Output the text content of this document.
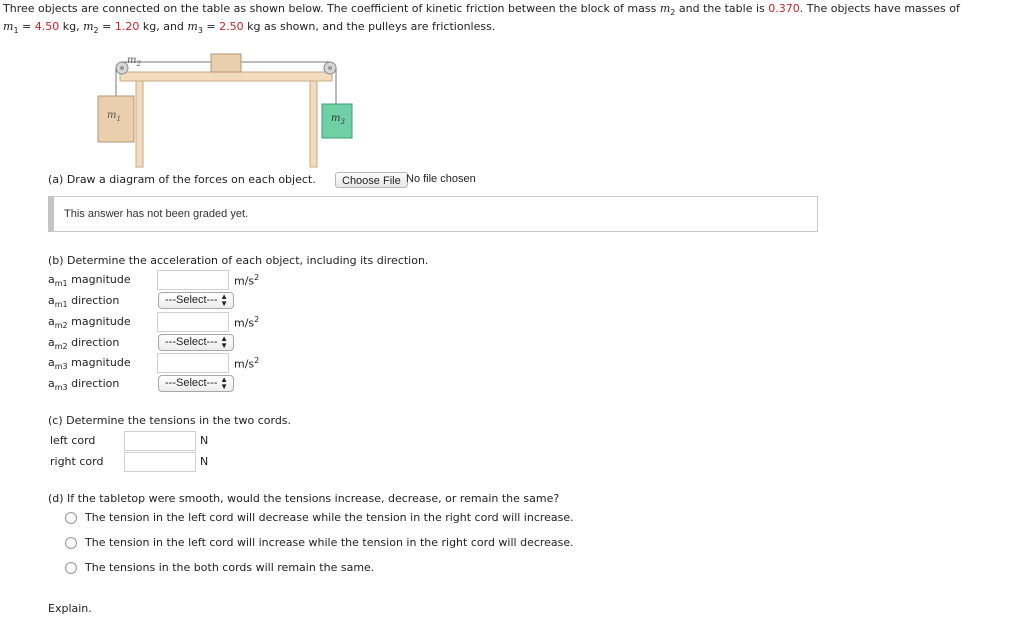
Three objects are connected on the table as shown below. The coefficient of kinetic friction between the block of mass $m_2$ and the table is 0.370. The objects have masses of
$m_1 = 4.50$ kg, $m_2 = 1.20$ kg, and $m_3 = 2.50$ kg as shown, and the pulleys are frictionless.
$m_2$
$m_1$	$m_3$
(a) Draw a diagram of the forces on each object.	Choose File No file chosen
This answer has not been graded yet.
(b) Determine the acceleration of each object, including its direction.
$a_{m1}$ magnitude	$m/s^2$
$a_{m1}$ direction	---Select--- ▲
▼
$a_{m2}$ magnitude	$m/s^2$
$a_{m2}$ direction	---Select--- ▲
▼
$a_{m3}$ magnitude	$m/s^2$
$a_{m3}$ direction	---Select--- ▲
▼
(c) Determine the tensions in the two cords.
left cord	N
right cord	N
(d) If the tabletop were smooth, would the tensions increase, decrease, or remain the same?
The tension in the left cord will decrease while the tension in the right cord will increase.
The tension in the left cord will increase while the tension in the right cord will decrease.
The tensions in the both cords will remain the same.
Explain.
